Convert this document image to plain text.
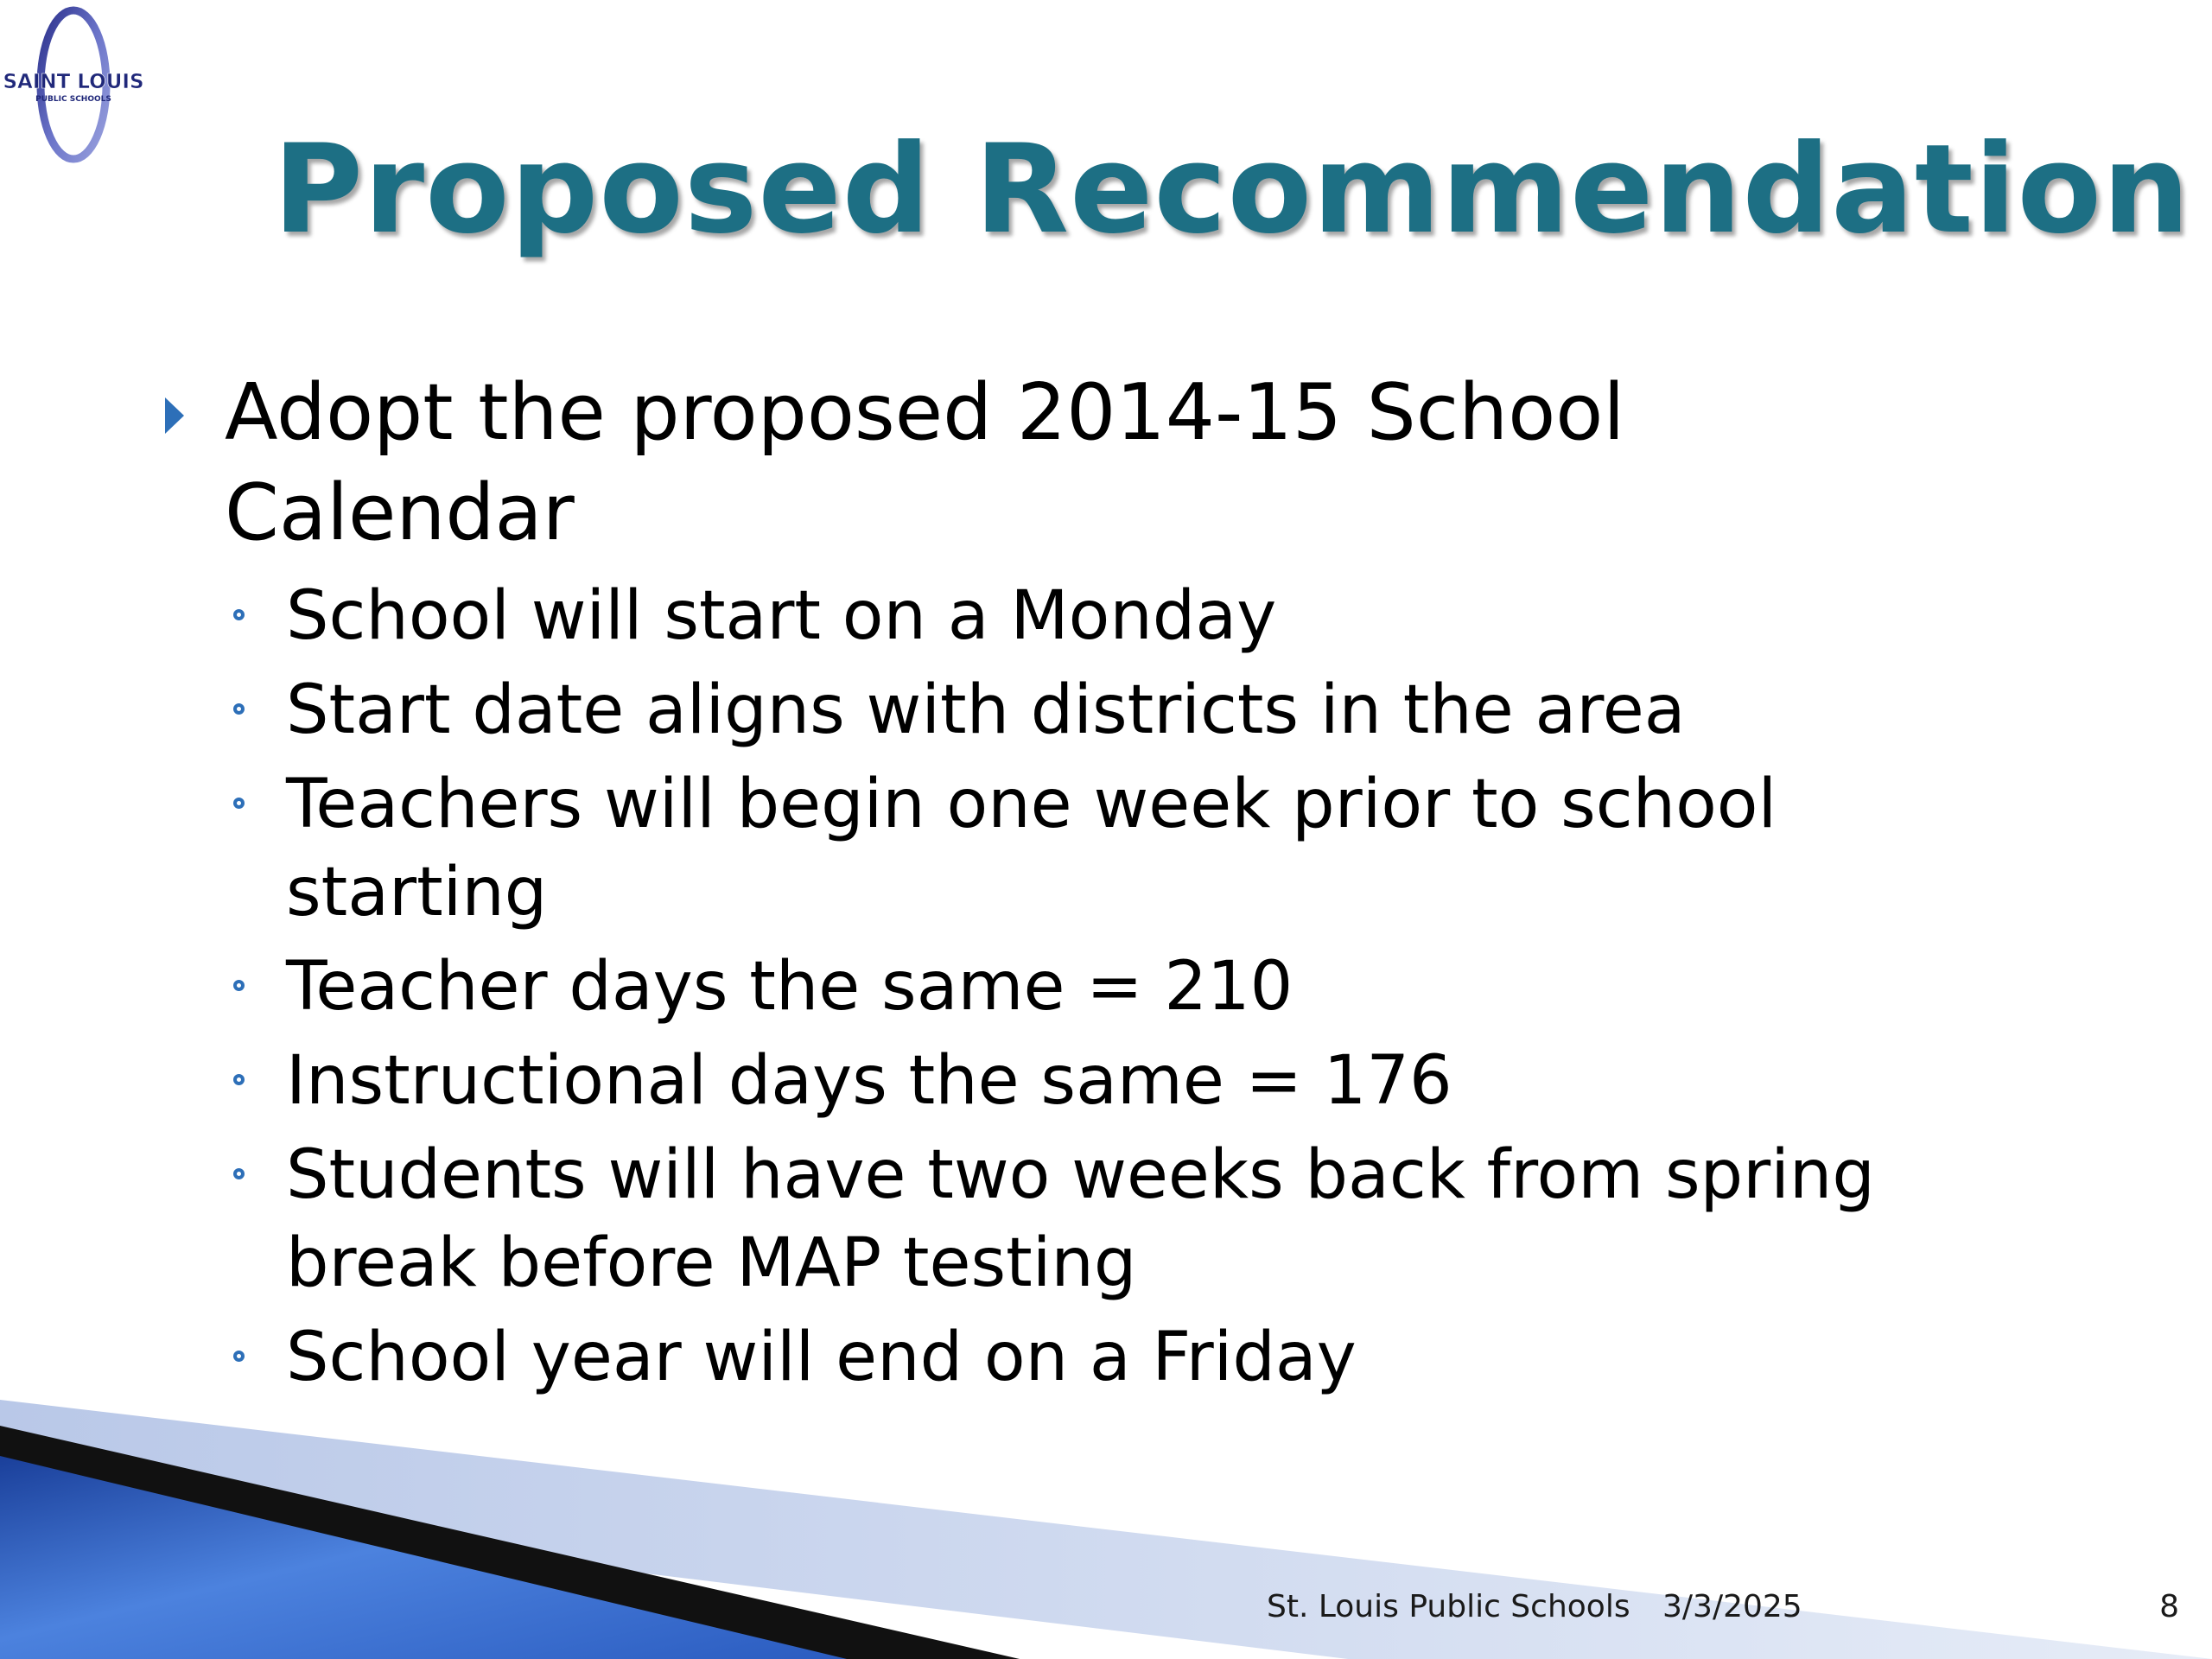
SAINT LOUIS
PUBLIC SCHOOLS
Proposed Recommendation
Adopt the proposed 2014-15 School Calendar
School will start on a Monday
Start date aligns with districts in the area
Teachers will begin one week prior to school starting
Teacher days the same = 210
Instructional days the same = 176
Students will have two weeks back from spring break before MAP testing
School year will end on a Friday
St. Louis Public Schools 3/3/2025	8
